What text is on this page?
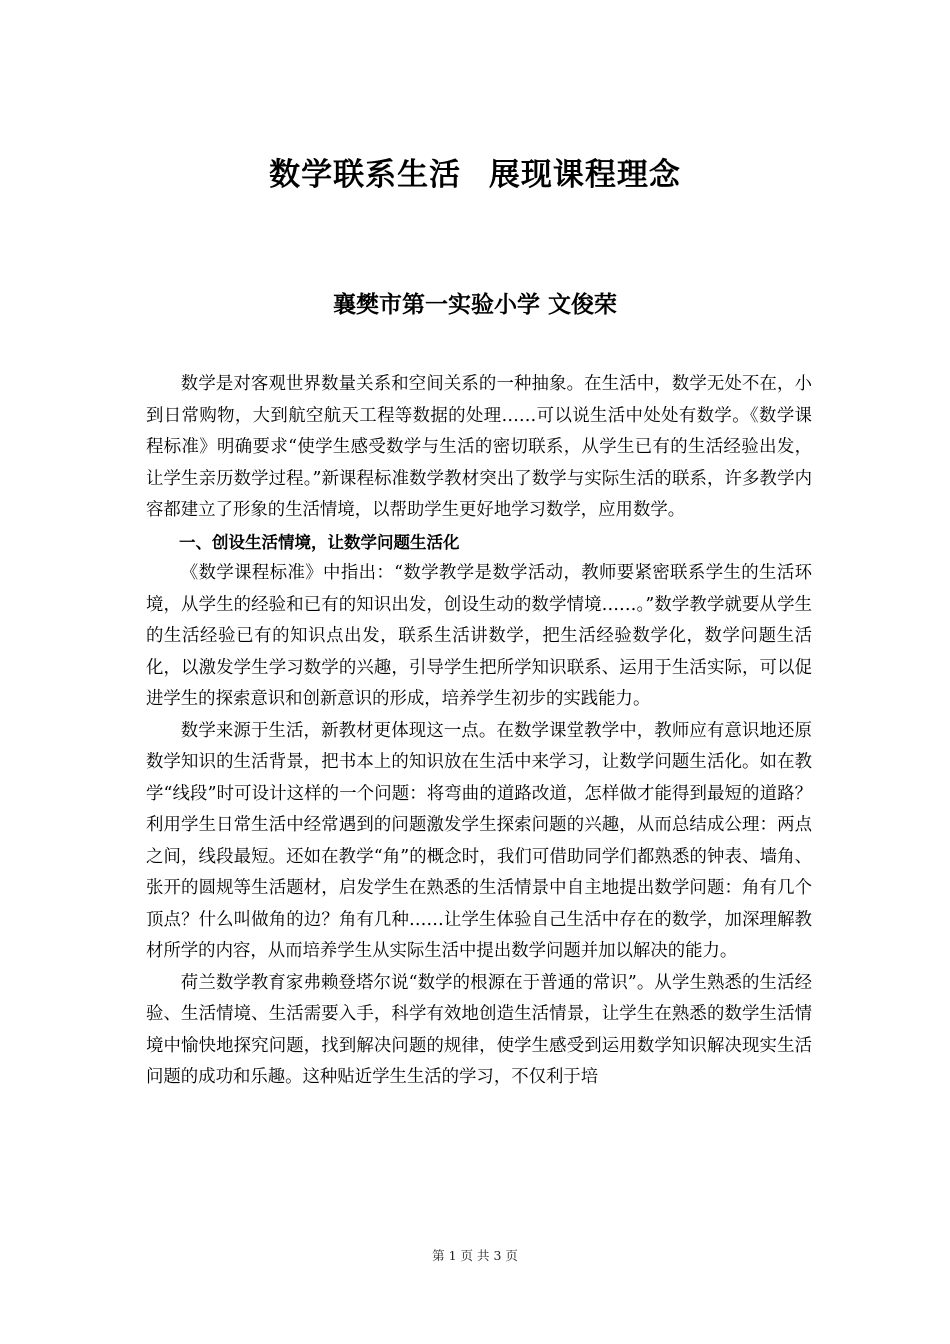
数学联系生活 展现课程理念
襄樊市第一实验小学 文俊荣

数学是对客观世界数量关系和空间关系的一种抽象。在生活中，数学无处不在，小到日常购物，大到航空航天工程等数据的处理……可以说生活中处处有数学。《数学课程标准》明确要求“使学生感受数学与生活的密切联系，从学生已有的生活经验出发，让学生亲历数学过程。”新课程标准数学教材突出了数学与实际生活的联系，许多教学内容都建立了形象的生活情境，以帮助学生更好地学习数学，应用数学。

一、创设生活情境，让数学问题生活化

《数学课程标准》中指出：“数学教学是数学活动，教师要紧密联系学生的生活环境，从学生的经验和已有的知识出发，创设生动的数学情境……。”数学教学就要从学生的生活经验已有的知识点出发，联系生活讲数学，把生活经验数学化，数学问题生活化，以激发学生学习数学的兴趣，引导学生把所学知识联系、运用于生活实际，可以促进学生的探索意识和创新意识的形成，培养学生初步的实践能力。

数学来源于生活，新教材更体现这一点。在数学课堂教学中，教师应有意识地还原数学知识的生活背景，把书本上的知识放在生活中来学习，让数学问题生活化。如在教学“线段”时可设计这样的一个问题：将弯曲的道路改道，怎样做才能得到最短的道路？利用学生日常生活中经常遇到的问题激发学生探索问题的兴趣，从而总结成公理：两点之间，线段最短。还如在教学“角”的概念时，我们可借助同学们都熟悉的钟表、墙角、张开的圆规等生活题材，启发学生在熟悉的生活情景中自主地提出数学问题：角有几个顶点？什么叫做角的边？角有几种……让学生体验自己生活中存在的数学，加深理解教材所学的内容，从而培养学生从实际生活中提出数学问题并加以解决的能力。

荷兰数学教育家弗赖登塔尔说“数学的根源在于普通的常识”。从学生熟悉的生活经验、生活情境、生活需要入手，科学有效地创造生活情景，让学生在熟悉的数学生活情境中愉快地探究问题，找到解决问题的规律，使学生感受到运用数学知识解决现实生活问题的成功和乐趣。这种贴近学生生活的学习，不仅利于培

第 1 页 共 3 页
